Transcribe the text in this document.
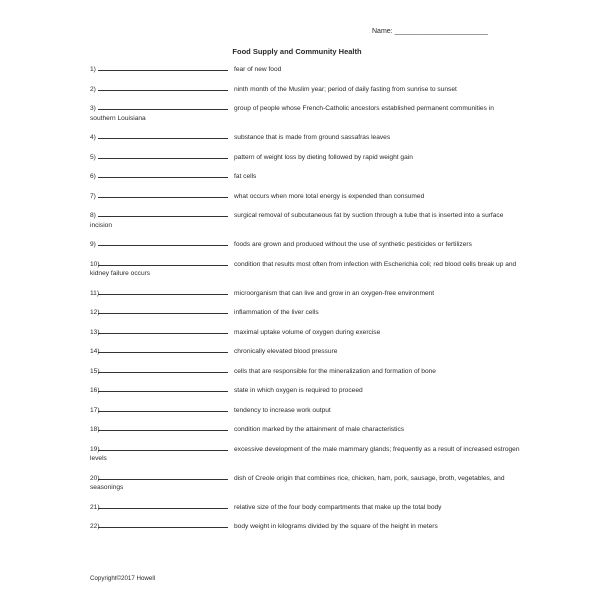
Name: ________________________
Food Supply and Community Health
1)	fear of new food
2)	ninth month of the Muslim year; period of daily fasting from sunrise to sunset
3)	group of people whose French-Catholic ancestors established permanent communities in southern Louisiana
4)	substance that is made from ground sassafras leaves
5)	pattern of weight loss by dieting followed by rapid weight gain
6)	fat cells
7)	what occurs when more total energy is expended than consumed
8)	surgical removal of subcutaneous fat by suction through a tube that is inserted into a surface incision
9)	foods are grown and produced without the use of synthetic pesticides or fertilizers
10)	condition that results most often from infection with Escherichia coli; red blood cells break up and kidney failure occurs
11)	microorganism that can live and grow in an oxygen-free environment
12)	inflammation of the liver cells
13)	maximal uptake volume of oxygen during exercise
14)	chronically elevated blood pressure
15)	cells that are responsible for the mineralization and formation of bone
16)	state in which oxygen is required to proceed
17)	tendency to increase work output
18)	condition marked by the attainment of male characteristics
19)	excessive development of the male mammary glands; frequently as a result of increased estrogen levels
20)	dish of Creole origin that combines rice, chicken, ham, pork, sausage, broth, vegetables, and seasonings
21)	relative size of the four body compartments that make up the total body
22)	body weight in kilograms divided by the square of the height in meters
Copyright©2017 Howell
